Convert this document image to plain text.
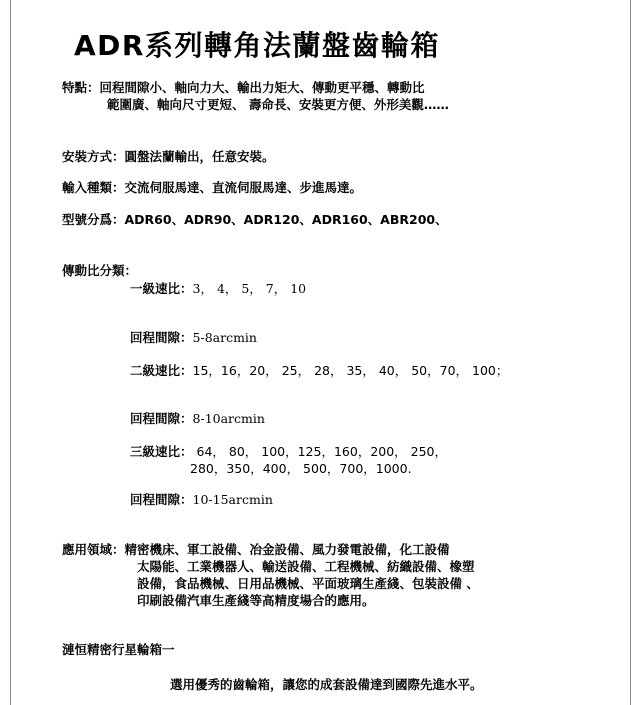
ADR系列轉角法蘭盤齒輪箱
特點：回程間隙小、軸向力大、輸出力矩大、傳動更平穩、轉動比
範圍廣、軸向尺寸更短、 壽命長、安裝更方便、外形美觀……
安裝方式：圓盤法蘭輸出，任意安裝。
輸入種類：交流伺服馬達、直流伺服馬達、步進馬達。
型號分爲：ADR60、ADR90、ADR120、ADR160、ABR200、
傳動比分類：
一級速比：3， 4， 5， 7， 10
回程間隙：5-8arcmin
二級速比：15，16，20， 25， 28， 35， 40， 50，70， 100；
回程間隙：8-10arcmin
三級速比： 64， 80， 100，125，160，200， 250，
280，350，400， 500，700，1000.
回程間隙：10-15arcmin
應用領域：精密機床、軍工設備、冶金設備、風力發電設備，化工設備
太陽能、工業機器人、輸送設備、工程機械、紡織設備、橡塑
設備，食品機械、日用品機械、平面玻璃生產綫、包裝設備 、
印刷設備汽車生產綫等高精度場合的應用。
漣恒精密行星輪箱一
選用優秀的齒輪箱，讓您的成套設備達到國際先進水平。
